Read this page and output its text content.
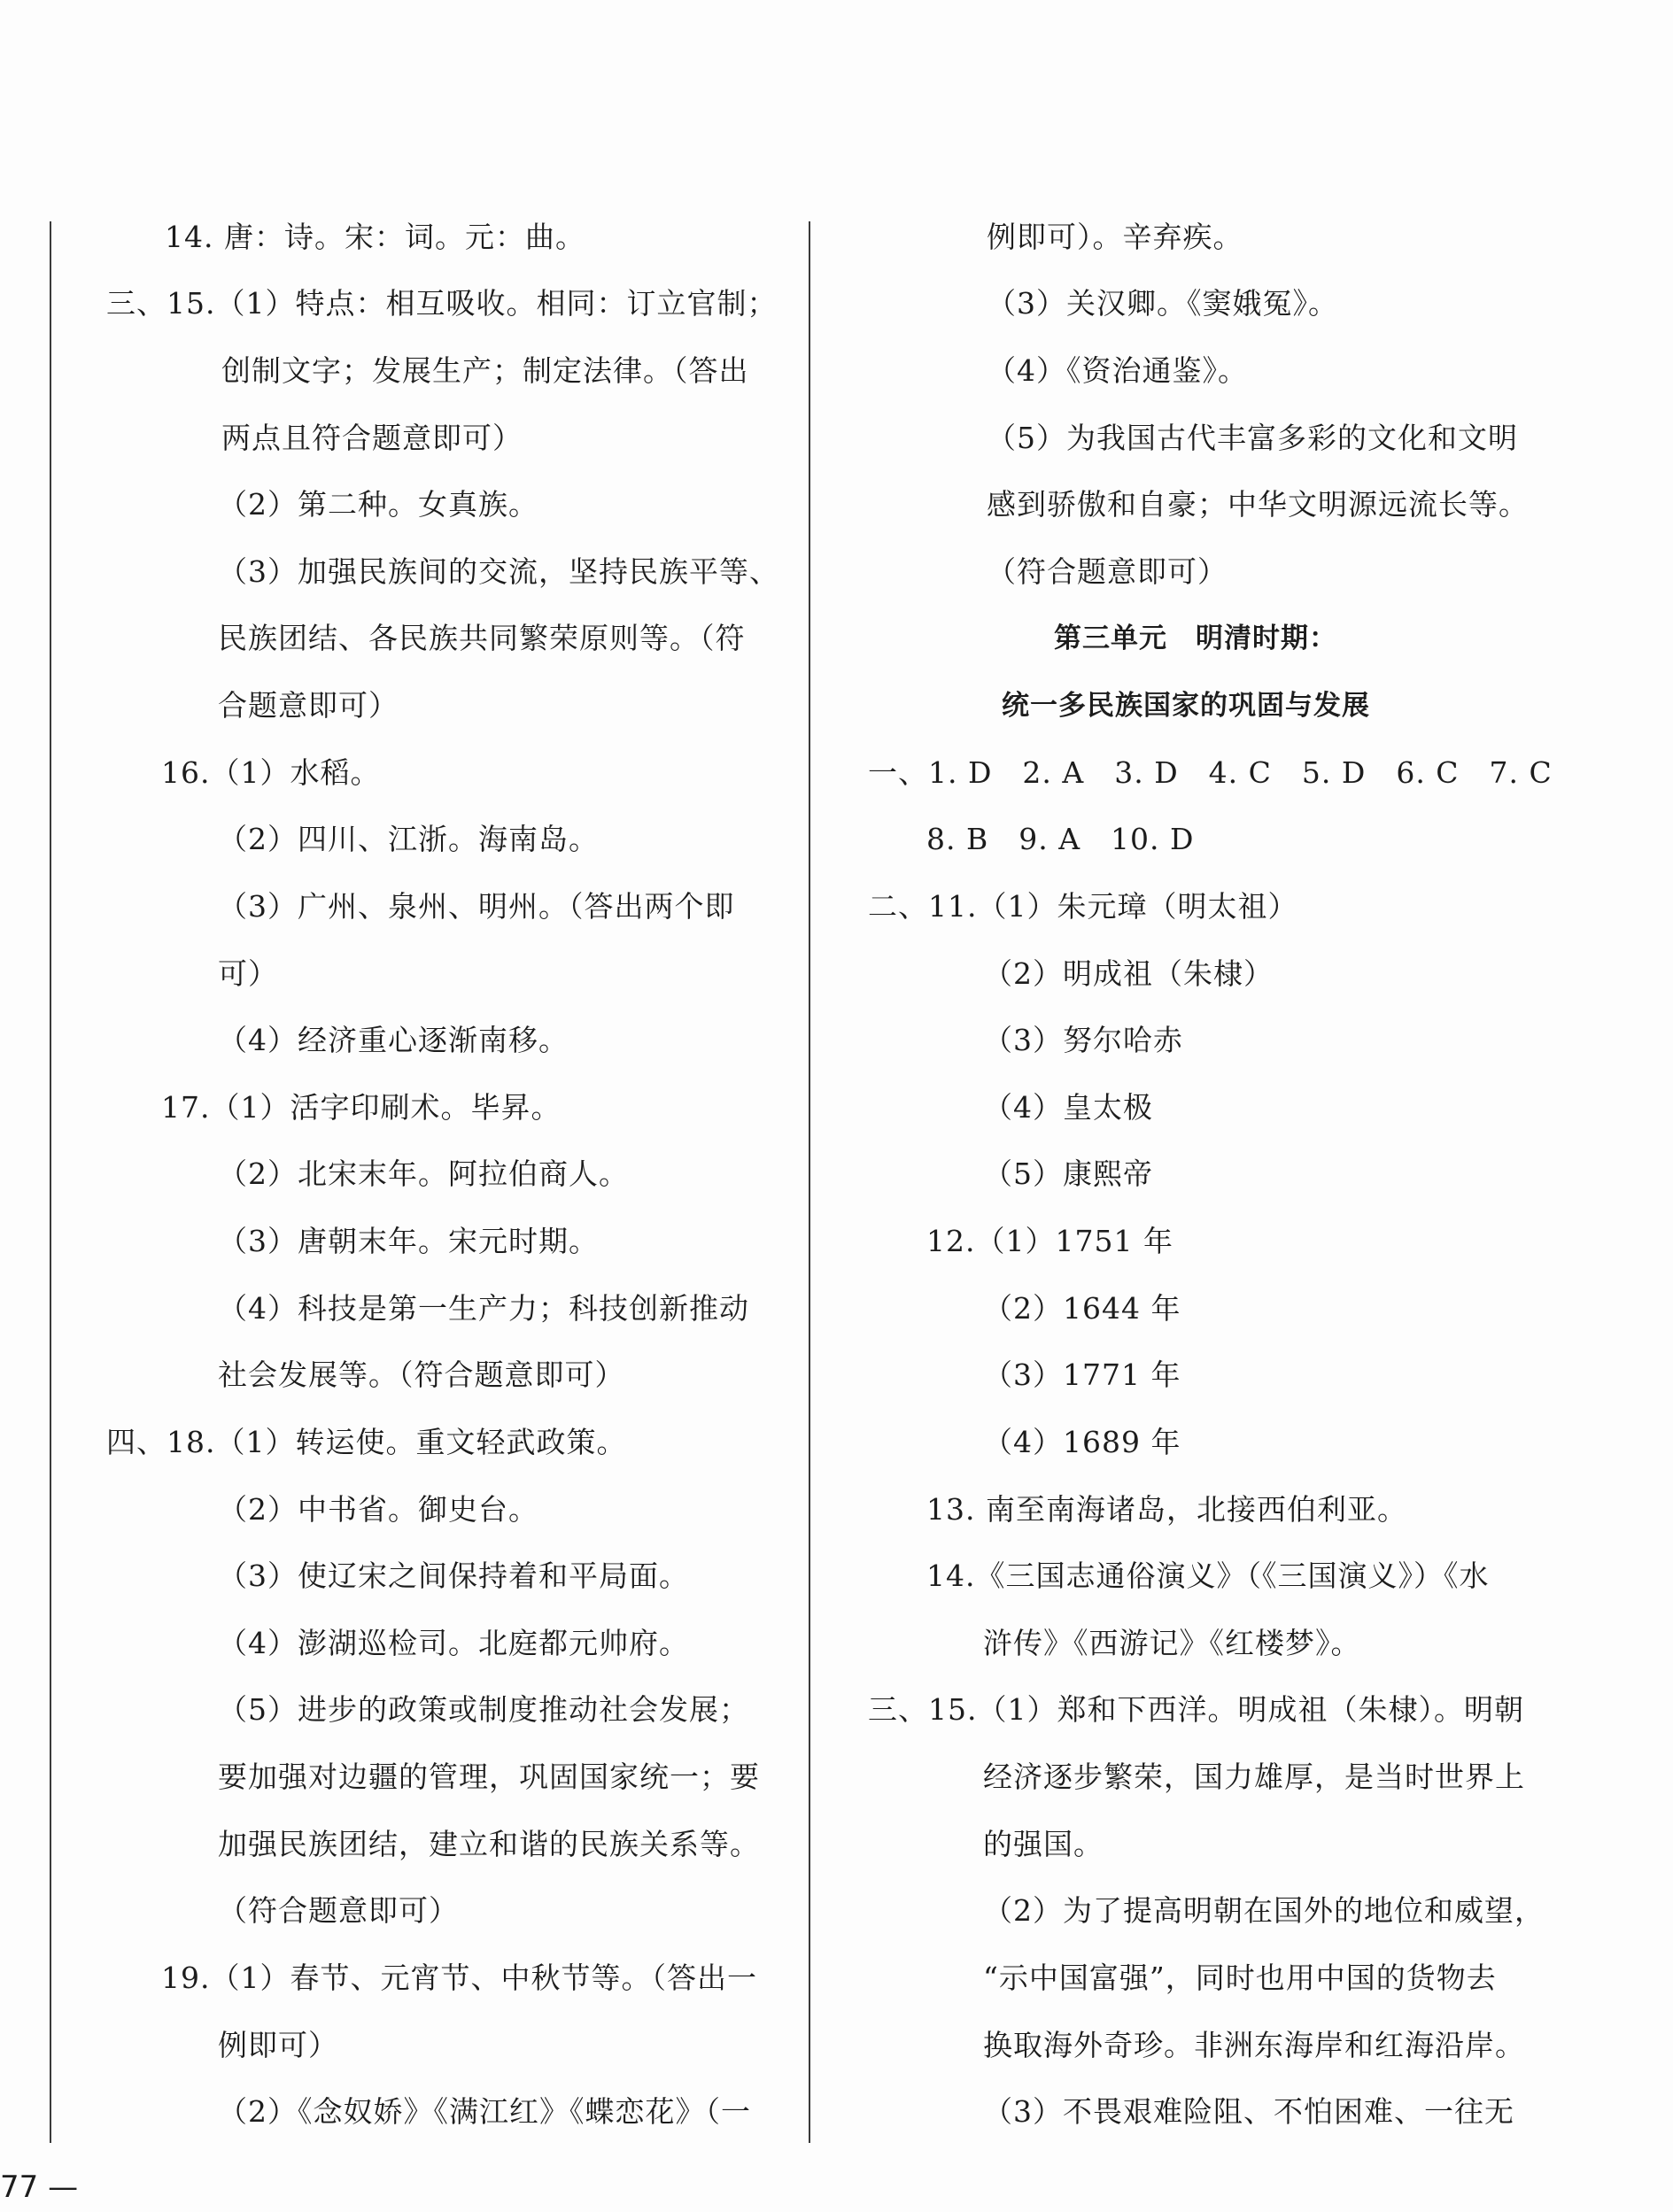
14. 唐：诗。宋：词。元：曲。
三、15.（1）特点：相互吸收。相同：订立官制；
创制文字；发展生产；制定法律。（答出
两点且符合题意即可）
（2）第二种。女真族。
（3）加强民族间的交流，坚持民族平等、
民族团结、各民族共同繁荣原则等。（符
合题意即可）
16.（1）水稻。
（2）四川、江浙。海南岛。
（3）广州、泉州、明州。（答出两个即
可）
（4）经济重心逐渐南移。
17.（1）活字印刷术。毕昇。
（2）北宋末年。阿拉伯商人。
（3）唐朝末年。宋元时期。
（4）科技是第一生产力；科技创新推动
社会发展等。（符合题意即可）
四、18.（1）转运使。重文轻武政策。
（2）中书省。御史台。
（3）使辽宋之间保持着和平局面。
（4）澎湖巡检司。北庭都元帅府。
（5）进步的政策或制度推动社会发展；
要加强对边疆的管理，巩固国家统一；要
加强民族团结，建立和谐的民族关系等。
（符合题意即可）
19.（1）春节、元宵节、中秋节等。（答出一
例即可）
（2）《念奴娇》《满江红》《蝶恋花》（一
例即可）。辛弃疾。
（3）关汉卿。《窦娥冤》。
（4）《资治通鉴》。
（5）为我国古代丰富多彩的文化和文明
感到骄傲和自豪；中华文明源远流长等。
（符合题意即可）
第三单元　明清时期：
统一多民族国家的巩固与发展
一、1. D　2. A　3. D　4. C　5. D　6. C　7. C
8. B　9. A　10. D
二、11.（1）朱元璋（明太祖）
（2）明成祖（朱棣）
（3）努尔哈赤
（4）皇太极
（5）康熙帝
12.（1）1751 年
（2）1644 年
（3）1771 年
（4）1689 年
13. 南至南海诸岛，北接西伯利亚。
14.《三国志通俗演义》（《三国演义》）《水
浒传》《西游记》《红楼梦》。
三、15.（1）郑和下西洋。明成祖（朱棣）。明朝
经济逐步繁荣，国力雄厚，是当时世界上
的强国。
（2）为了提高明朝在国外的地位和威望，
“示中国富强”，同时也用中国的货物去
换取海外奇珍。非洲东海岸和红海沿岸。
（3）不畏艰难险阻、不怕困难、一往无
77 —
